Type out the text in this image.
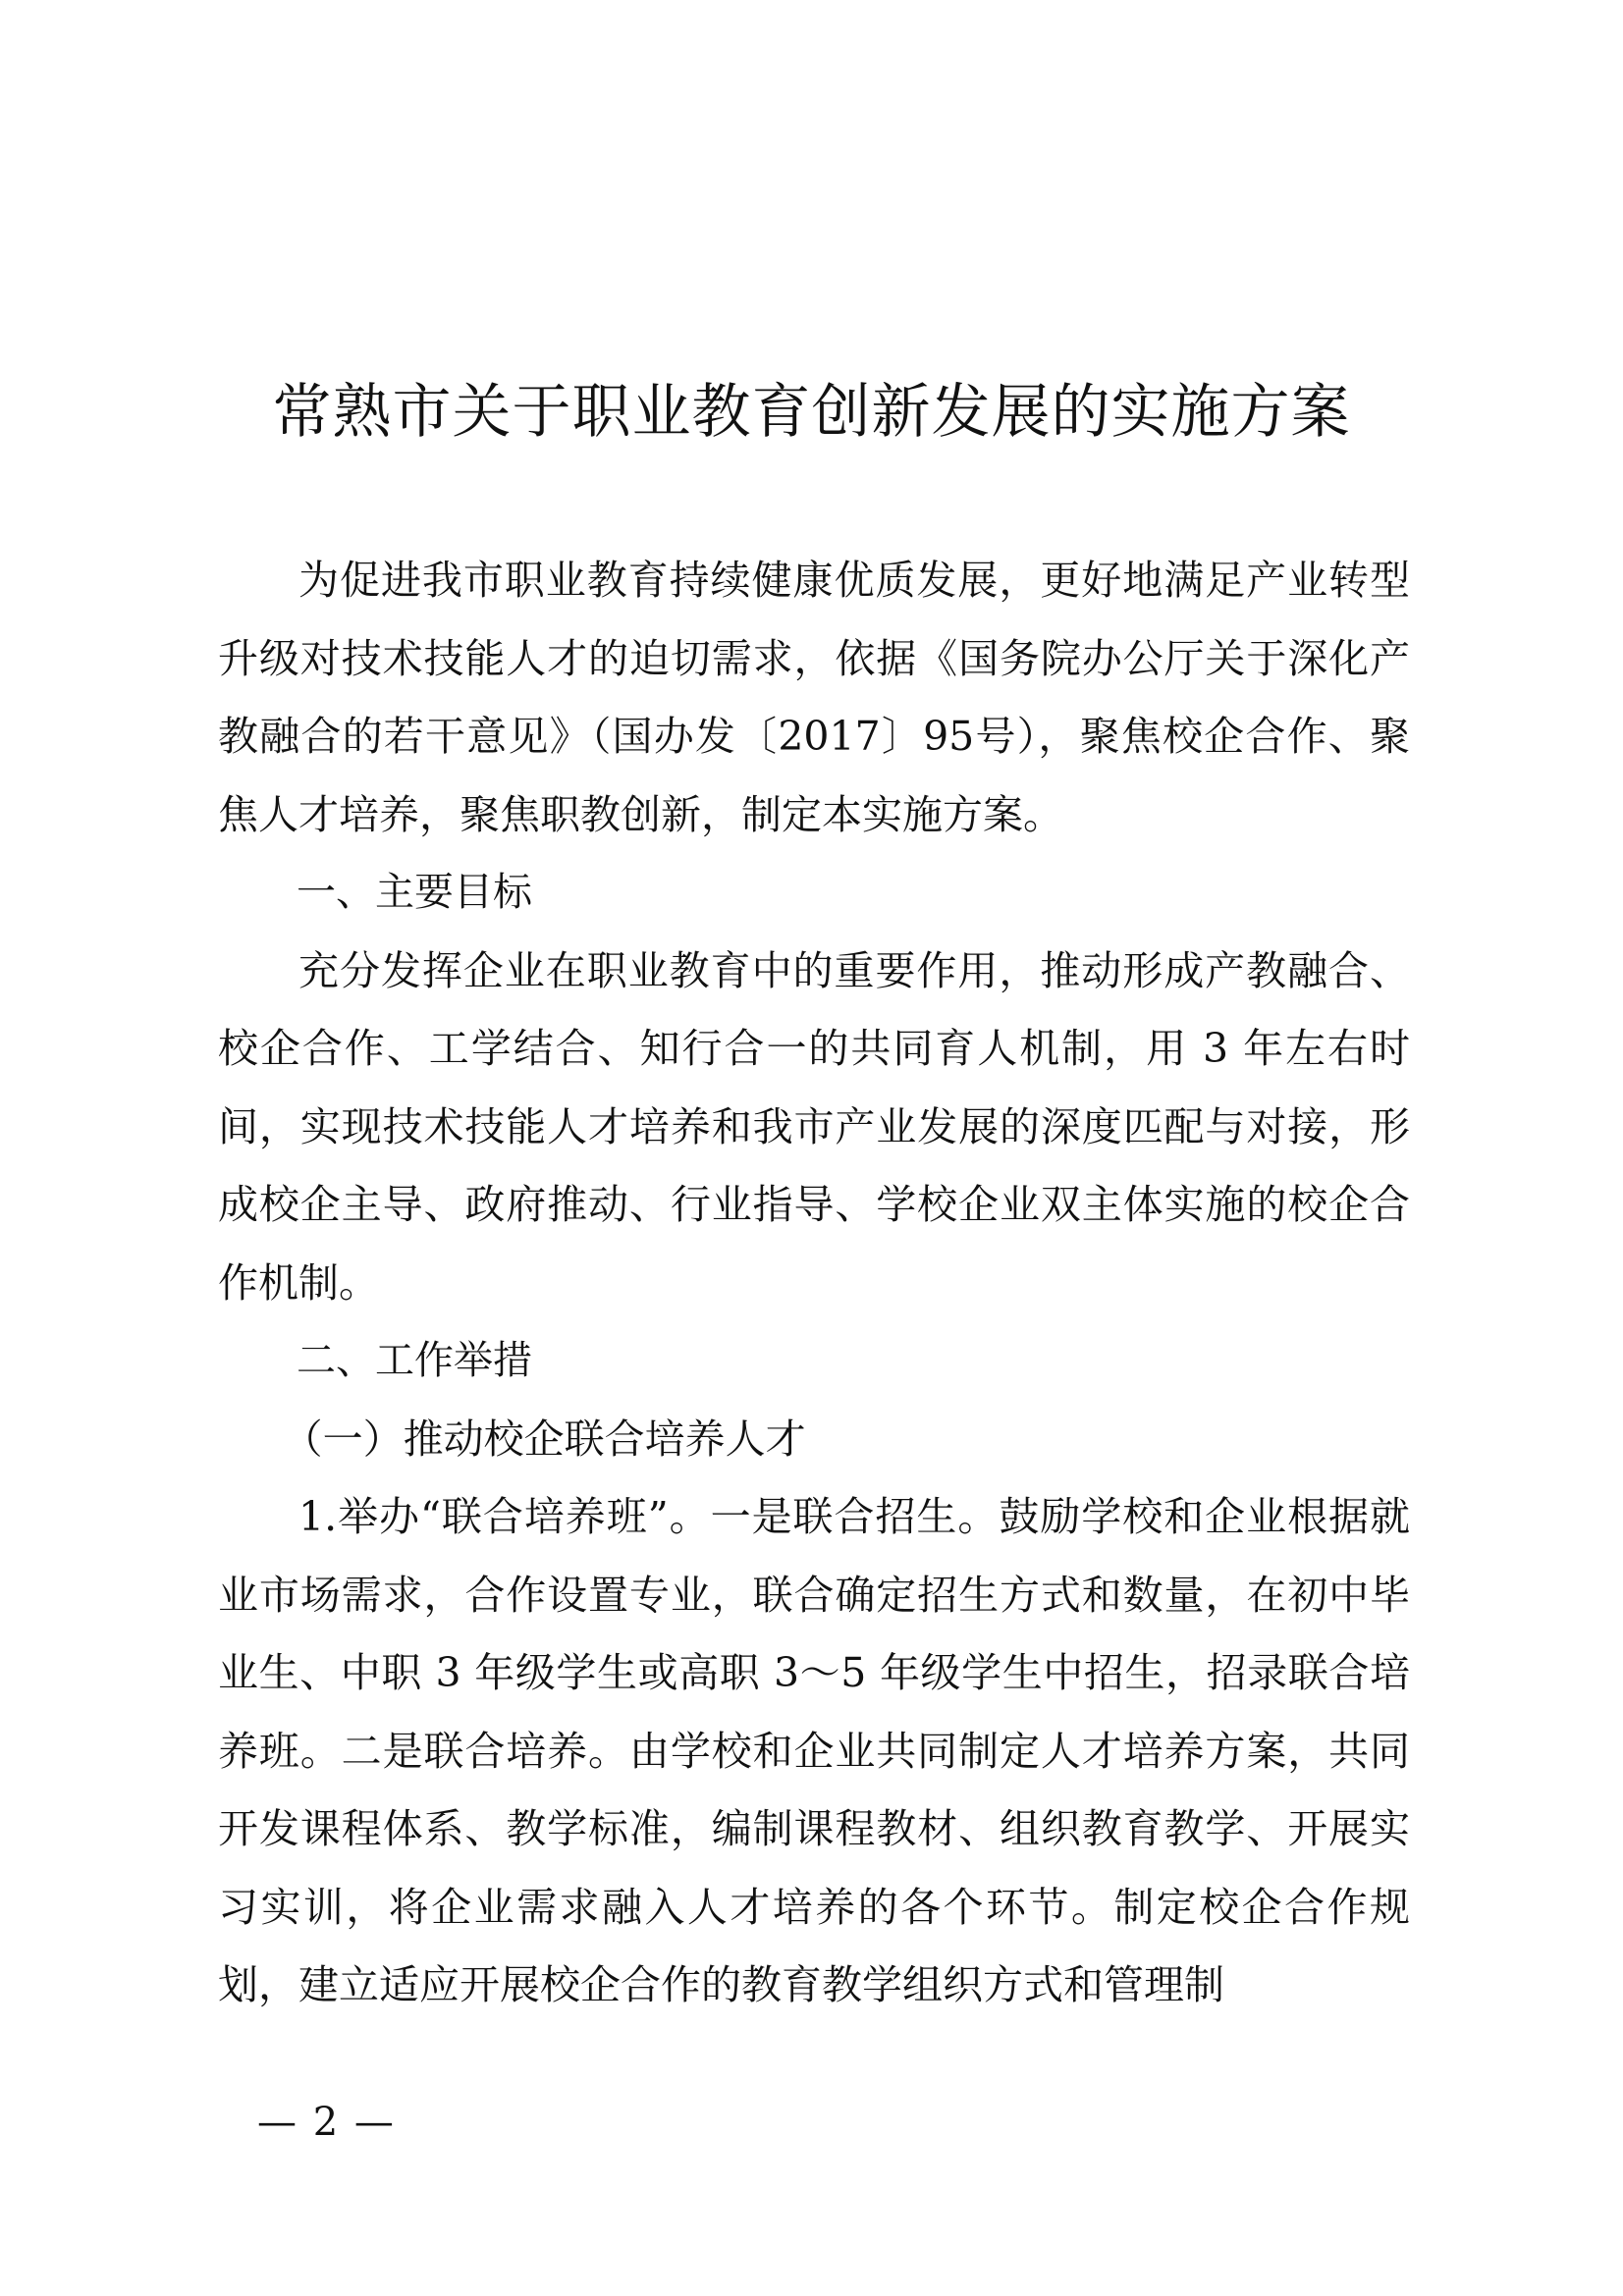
常熟市关于职业教育创新发展的实施方案

为促进我市职业教育持续健康优质发展，更好地满足产业转型升级对技术技能人才的迫切需求，依据《国务院办公厅关于深化产教融合的若干意见》（国办发〔2017〕95号），聚焦校企合作、聚焦人才培养，聚焦职教创新，制定本实施方案。

一、主要目标

充分发挥企业在职业教育中的重要作用，推动形成产教融合、校企合作、工学结合、知行合一的共同育人机制，用 3 年左右时间，实现技术技能人才培养和我市产业发展的深度匹配与对接，形成校企主导、政府推动、行业指导、学校企业双主体实施的校企合作机制。

二、工作举措

（一）推动校企联合培养人才

1.举办“联合培养班”。一是联合招生。鼓励学校和企业根据就业市场需求，合作设置专业，联合确定招生方式和数量，在初中毕业生、中职 3 年级学生或高职 3～5 年级学生中招生，招录联合培养班。二是联合培养。由学校和企业共同制定人才培养方案，共同开发课程体系、教学标准，编制课程教材、组织教育教学、开展实习实训，将企业需求融入人才培养的各个环节。制定校企合作规划，建立适应开展校企合作的教育教学组织方式和管理制

— 2 —
